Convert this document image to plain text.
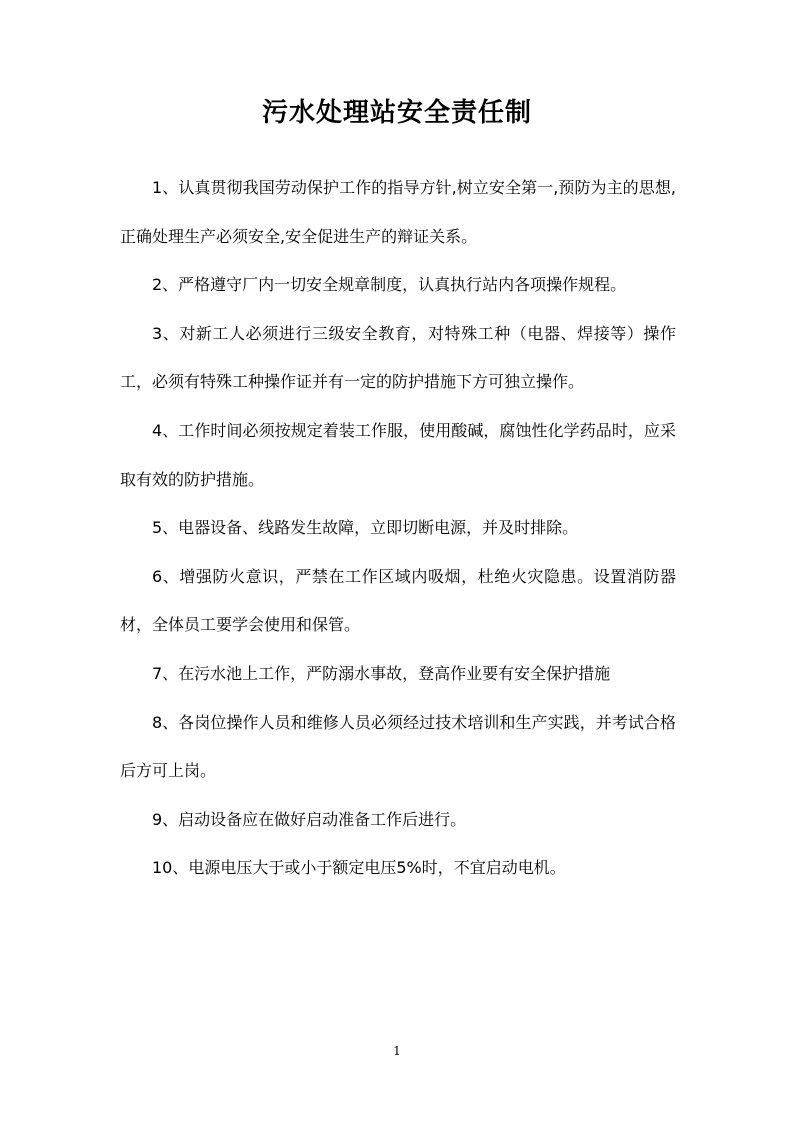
污水处理站安全责任制

1、认真贯彻我国劳动保护工作的指导方针,树立安全第一,预防为主的思想,正确处理生产必须安全,安全促进生产的辩证关系。

2、严格遵守厂内一切安全规章制度，认真执行站内各项操作规程。

3、对新工人必须进行三级安全教育，对特殊工种（电器、焊接等）操作工，必须有特殊工种操作证并有一定的防护措施下方可独立操作。

4、工作时间必须按规定着装工作服，使用酸碱，腐蚀性化学药品时，应采取有效的防护措施。

5、电器设备、线路发生故障，立即切断电源，并及时排除。

6、增强防火意识，严禁在工作区域内吸烟，杜绝火灾隐患。设置消防器材，全体员工要学会使用和保管。

7、在污水池上工作，严防溺水事故，登高作业要有安全保护措施

8、各岗位操作人员和维修人员必须经过技术培训和生产实践，并考试合格后方可上岗。

9、启动设备应在做好启动准备工作后进行。

10、电源电压大于或小于额定电压5%时，不宜启动电机。

1
